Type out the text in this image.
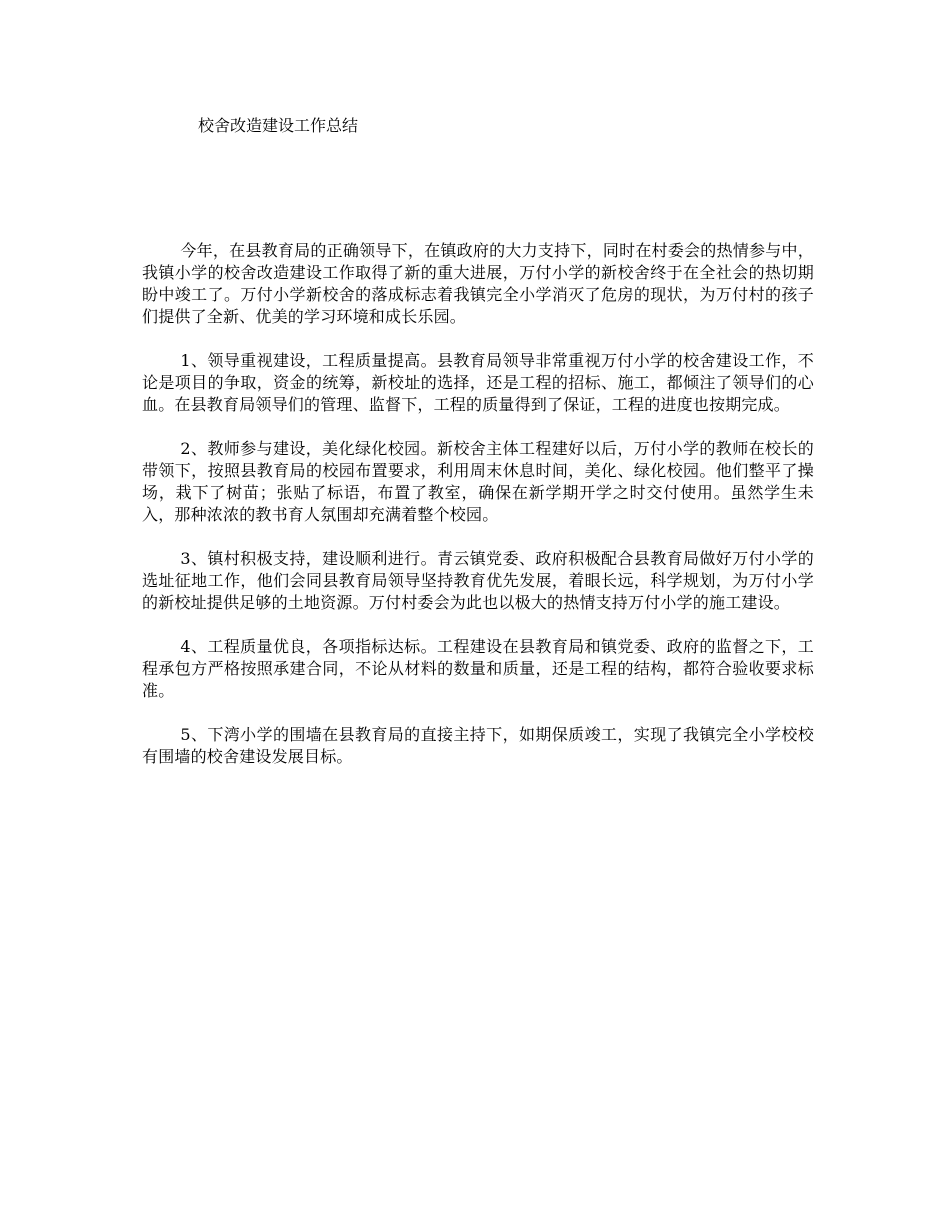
校舍改造建设工作总结

今年，在县教育局的正确领导下，在镇政府的大力支持下，同时在村委会的热情参与中，我镇小学的校舍改造建设工作取得了新的重大进展，万付小学的新校舍终于在全社会的热切期盼中竣工了。万付小学新校舍的落成标志着我镇完全小学消灭了危房的现状，为万付村的孩子们提供了全新、优美的学习环境和成长乐园。

1、领导重视建设，工程质量提高。县教育局领导非常重视万付小学的校舍建设工作，不论是项目的争取，资金的统筹，新校址的选择，还是工程的招标、施工，都倾注了领导们的心血。在县教育局领导们的管理、监督下，工程的质量得到了保证，工程的进度也按期完成。

2、教师参与建设，美化绿化校园。新校舍主体工程建好以后，万付小学的教师在校长的带领下，按照县教育局的校园布置要求，利用周末休息时间，美化、绿化校园。他们整平了操场，栽下了树苗；张贴了标语，布置了教室，确保在新学期开学之时交付使用。虽然学生未入，那种浓浓的教书育人氛围却充满着整个校园。

3、镇村积极支持，建设顺利进行。青云镇党委、政府积极配合县教育局做好万付小学的选址征地工作，他们会同县教育局领导坚持教育优先发展，着眼长远，科学规划，为万付小学的新校址提供足够的土地资源。万付村委会为此也以极大的热情支持万付小学的施工建设。

4、工程质量优良，各项指标达标。工程建设在县教育局和镇党委、政府的监督之下，工程承包方严格按照承建合同，不论从材料的数量和质量，还是工程的结构，都符合验收要求标准。

5、下湾小学的围墙在县教育局的直接主持下，如期保质竣工，实现了我镇完全小学校校有围墙的校舍建设发展目标。
